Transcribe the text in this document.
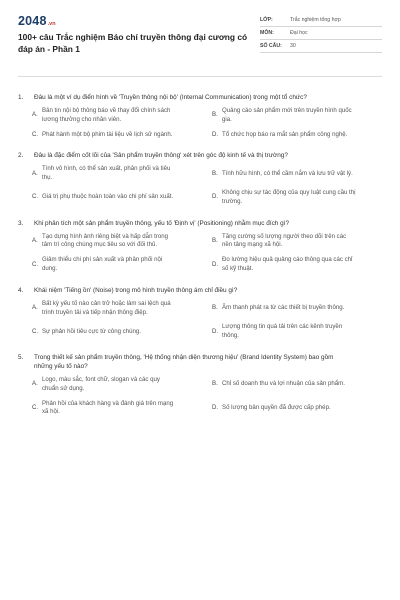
2048 .vn
100+ câu Trắc nghiệm Báo chí truyền thông đại cương có đáp án - Phần 1
LỚP:	Trắc nghiệm tổng hợp
MÔN:	Đại học
SỐ CÂU:	30
1.	Đâu là một ví dụ điển hình về 'Truyền thông nội bộ' (Internal Communication) trong một tổ chức?
A.
Bản tin nội bộ thông báo về thay đổi chính sách lương thưởng cho nhân viên.
B.
Quảng cáo sản phẩm mới trên truyền hình quốc gia.
C. Phát hành một bộ phim tài liệu về lịch sử ngành.	D. Tổ chức họp báo ra mắt sản phẩm công nghệ.
2.	Đâu là đặc điểm cốt lõi của 'Sản phẩm truyền thông' xét trên góc độ kinh tế và thị trường?
A.
Tính vô hình, có thể sản xuất, phân phối và tiêu thụ.
B. Tính hữu hình, có thể cầm nắm và lưu trữ vật lý.
C. Giá trị phụ thuộc hoàn toàn vào chi phí sản xuất.	D.
Không chịu sự tác động của quy luật cung cầu thị trường.
3.	Khi phân tích một sản phẩm truyền thông, yếu tố 'Định vị' (Positioning) nhằm mục đích gì?
A.
Tạo dựng hình ảnh riêng biệt và hấp dẫn trong tâm trí công chúng mục tiêu so với đối thủ.
B.
Tăng cường số lượng người theo dõi trên các nền tảng mạng xã hội.
C.
Giảm thiểu chi phí sản xuất và phân phối nội dung.
D.
Đo lường hiệu quả quảng cáo thông qua các chỉ số kỹ thuật.
4.	Khái niệm 'Tiếng ồn' (Noise) trong mô hình truyền thông ám chỉ điều gì?
A.
Bất kỳ yếu tố nào cản trở hoặc làm sai lệch quá trình truyền tải và tiếp nhận thông điệp.
B. Âm thanh phát ra từ các thiết bị truyền thông.
C. Sự phản hồi tiêu cực từ công chúng.	D.
Lượng thông tin quá tải trên các kênh truyền thông.
5.	Trong thiết kế sản phẩm truyền thông, 'Hệ thống nhận diện thương hiệu' (Brand Identity System) bao gồm những yếu tố nào?
A.
Logo, màu sắc, font chữ, slogan và các quy chuẩn sử dụng.
B. Chỉ số doanh thu và lợi nhuận của sản phẩm.
C.
Phản hồi của khách hàng và đánh giá trên mạng xã hội.
D. Số lượng bản quyền đã được cấp phép.
